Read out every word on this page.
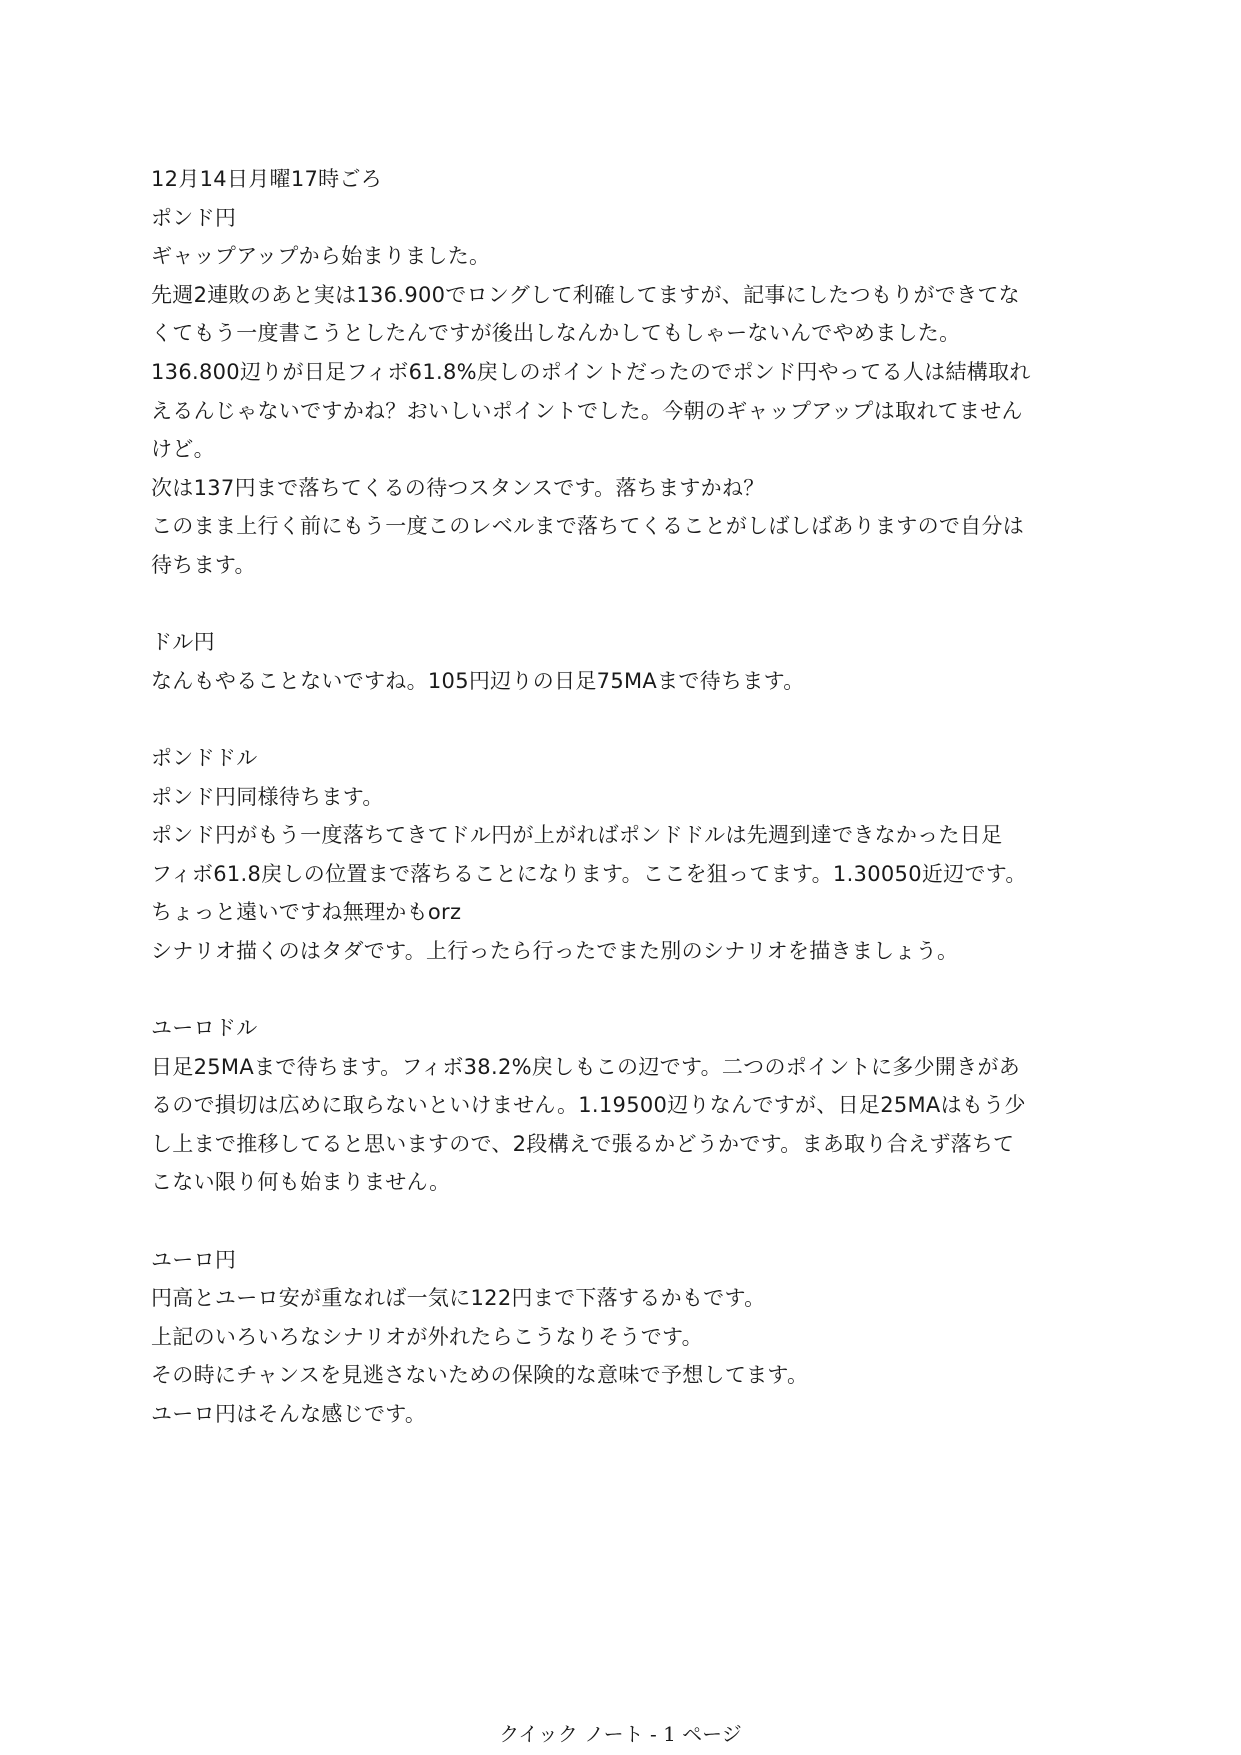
12月14日月曜17時ごろ
ポンド円
ギャップアップから始まりました。
先週2連敗のあと実は136.900でロングして利確してますが、記事にしたつもりができてな
くてもう一度書こうとしたんですが後出しなんかしてもしゃーないんでやめました。
136.800辺りが日足フィボ61.8%戻しのポイントだったのでポンド円やってる人は結構取れ
えるんじゃないですかね？おいしいポイントでした。今朝のギャップアップは取れてません
けど。
次は137円まで落ちてくるの待つスタンスです。落ちますかね？
このまま上行く前にもう一度このレベルまで落ちてくることがしばしばありますので自分は
待ちます。
ドル円
なんもやることないですね。105円辺りの日足75MAまで待ちます。
ポンドドル
ポンド円同様待ちます。
ポンド円がもう一度落ちてきてドル円が上がればポンドドルは先週到達できなかった日足
フィボ61.8戻しの位置まで落ちることになります。ここを狙ってます。1.30050近辺です。
ちょっと遠いですね無理かもorz
シナリオ描くのはタダです。上行ったら行ったでまた別のシナリオを描きましょう。
ユーロドル
日足25MAまで待ちます。フィボ38.2%戻しもこの辺です。二つのポイントに多少開きがあ
るので損切は広めに取らないといけません。1.19500辺りなんですが、日足25MAはもう少
し上まで推移してると思いますので、2段構えで張るかどうかです。まあ取り合えず落ちて
こない限り何も始まりません。
ユーロ円
円高とユーロ安が重なれば一気に122円まで下落するかもです。
上記のいろいろなシナリオが外れたらこうなりそうです。
その時にチャンスを見逃さないための保険的な意味で予想してます。
ユーロ円はそんな感じです。
クイック ノート - 1 ページ
